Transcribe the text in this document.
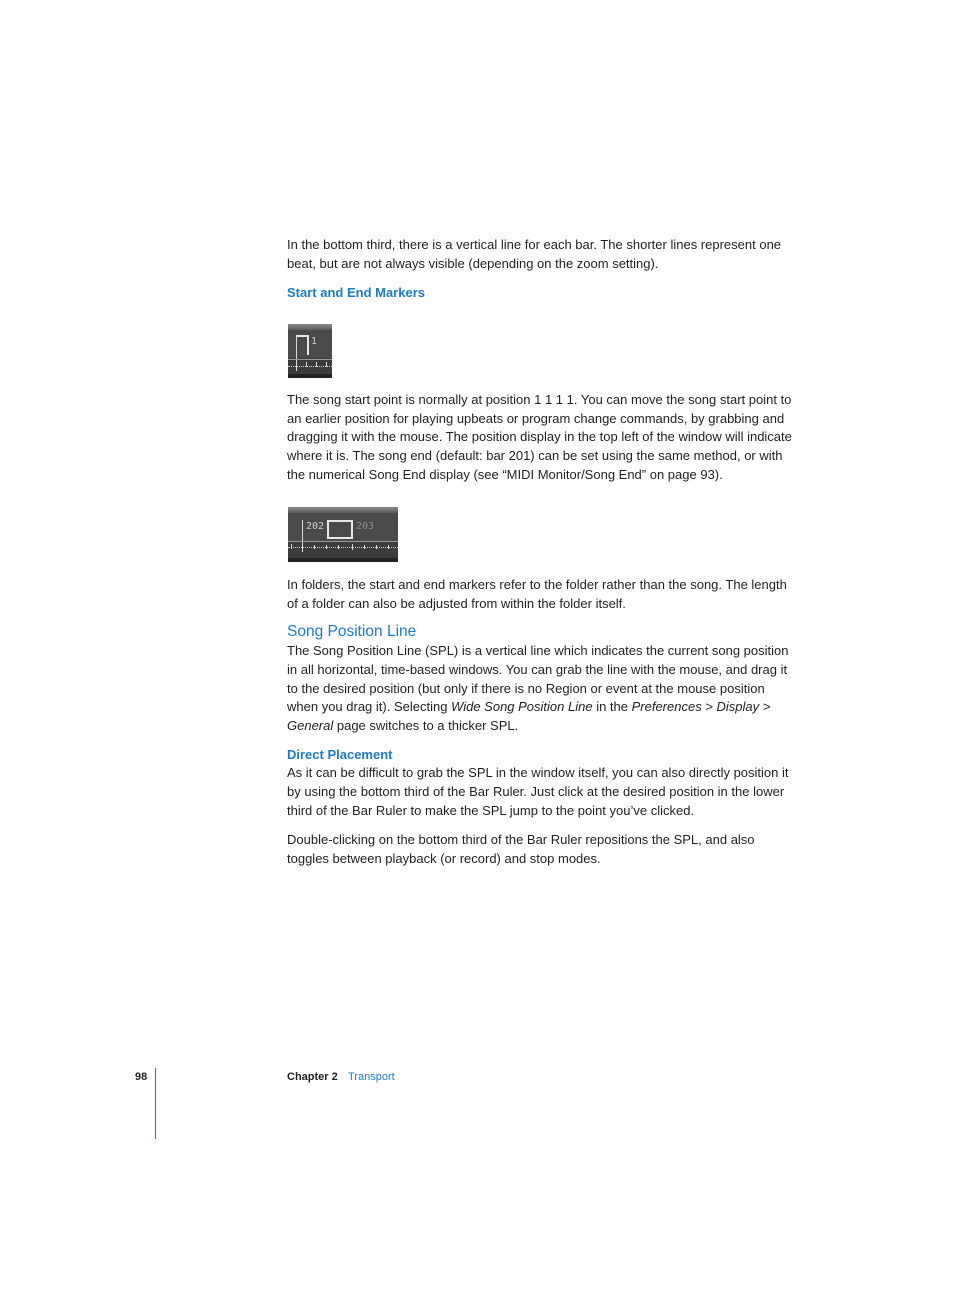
In the bottom third, there is a vertical line for each bar. The shorter lines represent one beat, but are not always visible (depending on the zoom setting).

Start and End Markers

The song start point is normally at position 1 1 1 1. You can move the song start point to an earlier position for playing upbeats or program change commands, by grabbing and dragging it with the mouse. The position display in the top left of the window will indicate where it is. The song end (default: bar 201) can be set using the same method, or with the numerical Song End display (see “MIDI Monitor/Song End” on page 93).

In folders, the start and end markers refer to the folder rather than the song. The length of a folder can also be adjusted from within the folder itself.

Song Position Line

The Song Position Line (SPL) is a vertical line which indicates the current song position in all horizontal, time-based windows. You can grab the line with the mouse, and drag it to the desired position (but only if there is no Region or event at the mouse position when you drag it). Selecting Wide Song Position Line in the Preferences > Display > General page switches to a thicker SPL.

Direct Placement

As it can be difficult to grab the SPL in the window itself, you can also directly position it by using the bottom third of the Bar Ruler. Just click at the desired position in the lower third of the Bar Ruler to make the SPL jump to the point you’ve clicked.

Double-clicking on the bottom third of the Bar Ruler repositions the SPL, and also toggles between playback (or record) and stop modes.

1
202	203
98	Chapter 2 Transport
